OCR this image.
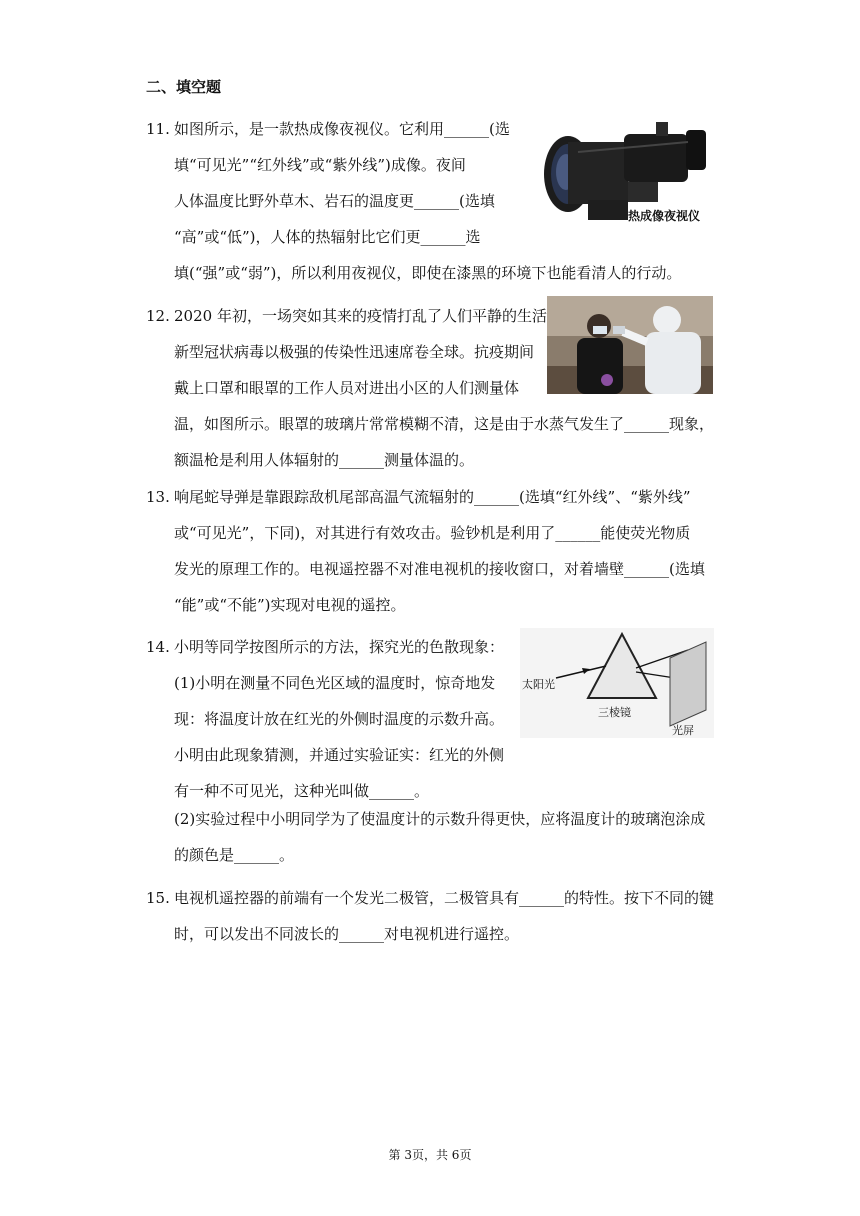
二、填空题
11. 如图所示，是一款热成像夜视仪。它利用______(选
填“可见光”“红外线”或“紫外线”)成像。夜间
人体温度比野外草木、岩石的温度更______(选填
“高”或“低”)，人体的热辐射比它们更______选
填(“强”或“弱”)，所以利用夜视仪，即使在漆黑的环境下也能看清人的行动。
热成像夜视仪
12. 2020 年初，一场突如其来的疫情打乱了人们平静的生活
新型冠状病毒以极强的传染性迅速席卷全球。抗疫期间
戴上口罩和眼罩的工作人员对进出小区的人们测量体
温，如图所示。眼罩的玻璃片常常模糊不清，这是由于水蒸气发生了______现象，
额温枪是利用人体辐射的______测量体温的。
13. 响尾蛇导弹是靠跟踪敌机尾部高温气流辐射的______(选填“红外线”、“紫外线”
或“可见光”，下同)，对其进行有效攻击。验钞机是利用了______能使荧光物质
发光的原理工作的。电视遥控器不对准电视机的接收窗口，对着墙壁______(选填
“能”或“不能”)实现对电视的遥控。
14. 小明等同学按图所示的方法，探究光的色散现象：
(1)小明在测量不同色光区域的温度时，惊奇地发
现：将温度计放在红光的外侧时温度的示数升高。
小明由此现象猜测，并通过实验证实：红光的外侧
有一种不可见光，这种光叫做______。
(2)实验过程中小明同学为了使温度计的示数升得更快，应将温度计的玻璃泡涂成
的颜色是______。
太阳光
三棱镜
光屏
15. 电视机遥控器的前端有一个发光二极管，二极管具有______的特性。按下不同的键
时，可以发出不同波长的______对电视机进行遥控。
第 3页，共 6页
